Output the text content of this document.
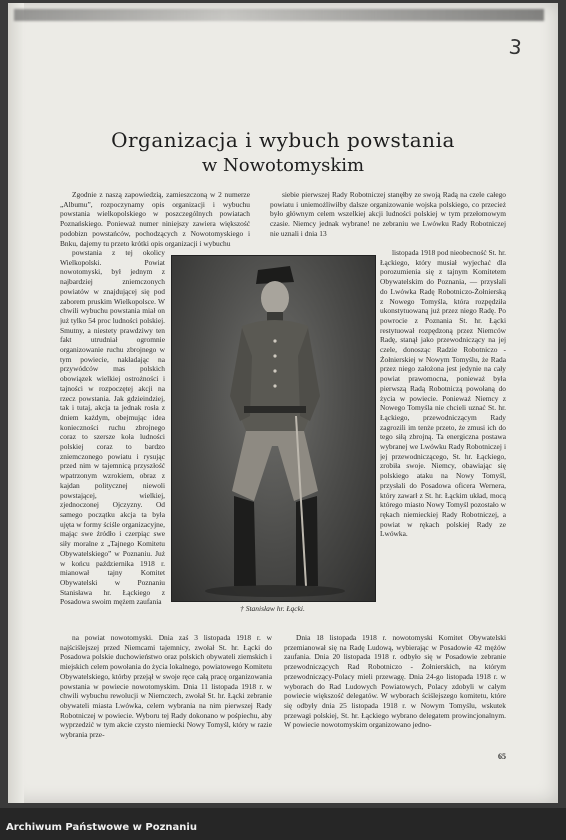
3
Organizacja i wybuch powstania
w Nowotomyskim

Zgodnie z naszą zapowiedzią, zamieszczoną w 2 numerze „Albumu”, rozpoczynamy opis organizacji i wybuchu powstania wielkopolskiego w poszczególnych powiatach Poznańskiego. Ponieważ numer niniejszy zawiera większość podobizn powstańców, pochodzących z Nowotomyskiego i Bnku, dajemy tu przeto krótki opis organizacji i wybuchu

powstania z tej okolicy Wielkopolski. Powiat nowotomyski, był jednym z najbardziej zniemczonych powiatów w znajdującej się pod zaborem pruskim Wielkopolsce. W chwili wybuchu powstania miał on już tylko 54 proc ludności polskiej. Smutny, a niestety prawdziwy ten fakt utrudniał ogromnie organizowanie ruchu zbrojnego w tym powiecie, nakładając na przywódców mas polskich obowiązek wielkiej ostrożności i tajności w rozpoczętej akcji na rzecz powstania. Jak gdzieindziej, tak i tutaj, akcja ta jednak rosła z dniem każdym, obejmując idea konieczności ruchu zbrojnego coraz to szersze koła ludności polskiej coraz to bardzo zniemczonego powiatu i rysując przed nim w tajemnicą przyszłość wpatrzonym wzrokiem, obraz z kajdan politycznej niewoli powstającej, wielkiej, zjednoczonej Ojczyzny. Od samego początku akcja ta była ujęta w formy ściśle organizacyjne, mając swe źródło i czerpiąc swe siły moralne z „Tajnego Komitetu Obywatelskiego” w Poznaniu. Już w końcu października 1918 r. mianował tajny Komitet Obywatelski w Poznaniu Stanisława hr. Łąckiego z Posadowa swoim mężem zaufania

siebie pierwszej Rady Robotniczej stanęłby ze swoją Radą na czele całego powiatu i uniemożliwiłby dalsze organizowanie wojska polskiego, co przecież było głównym celem wszelkiej akcji ludności polskiej w tym przełomowym czasie. Niemcy jednak wybrane! ne zebraniu we Lwówku Rady Robotniczej nie uznali i dnia 13

listopada 1918 pod nieobecność St. hr. Łąckiego, który musiał wyjechać dla porozumienia się z tajnym Komitetem Obywatelskim do Poznania, — przysłali do Lwówka Radę Robotniczo-Żołnierską z Nowego Tomyśla, która rozpędziła ukonstytuowaną już przez niego Radę. Po powrocie z Poznania St. hr. Łącki restytuował rozpędzoną przez Niemców Radę, stanął jako przewodniczący na jej czele, donosząc Radzie Robotniczo - Żołnierskiej w Nowym Tomyślu, że Rada przez niego założona jest jedynie na cały powiat prawomocna, ponieważ była pierwszą Radą Robotniczą powołaną do życia w powiecie. Ponieważ Niemcy z Nowego Tomyśla nie chcieli uznać St. hr. Łąckiego, przewodniczącym Rady zagrozili im tenże przeto, że zmusi ich do tego siłą zbrojną. Ta energiczna postawa wybranej we Lwówku Rady Robotniczej i jej przewodniczącego, St. hr. Łąckiego, zrobiła swoje. Niemcy, obawiając się polskiego ataku na Nowy Tomyśl, przysłali do Posadowa oficera Wernera, który zawarł z St. hr. Łąckim układ, mocą którego miasto Nowy Tomyśl pozostało w rękach niemieckiej Rady Robotniczej, a powiat w rękach polskiej Rady ze Lwówka.

† Stanisław hr. Łącki.

na powiat nowotomyski. Dnia zaś 3 listopada 1918 r. w najściślejszej przed Niemcami tajemnicy, zwołał St. hr. Łącki do Posadowa polskie duchowieństwo oraz polskich obywateli ziemskich i miejskich celem powołania do życia lokalnego, powiatowego Komitetu Obywatelskiego, którby przejął w swoje ręce całą pracę organizowania powstania w powiecie nowotomyskim. Dnia 11 listopada 1918 r. w chwili wybuchu rewolucji w Niemczech, zwołał St. hr. Łącki zebranie obywateli miasta Lwówka, celem wybrania na nim pierwszej Rady Robotniczej w powiecie. Wyboru tej Rady dokonano w pośpiechu, aby wyprzedzić w tym akcie czysto niemiecki Nowy Tomyśl, który w razie wybrania prze-

Dnia 18 listopada 1918 r. nowotomyski Komitet Obywatelski przemianował się na Radę Ludową, wybierając w Posadowie 42 mężów zaufania. Dnia 20 listopada 1918 r. odbyło się w Posadowie zebranie przewodniczących Rad Robotniczo - Żołnierskich, na którym przewodniczący-Polacy mieli przewagę. Dnia 24-go listopada 1918 r. w wyborach do Rad Ludowych Powiatowych, Polacy zdobyli w całym powiecie większość delegatów. W wyborach ściślejszego komitetu, które się odbyły dnia 25 listopada 1918 r. w Nowym Tomyślu, wskutek przewagi polskiej, St. hr. Łąckiego wybrano delegatem prowincjonalnym. W powiecie nowotomyskim organizowano jedno-

65
Archiwum Państwowe w Poznaniu
